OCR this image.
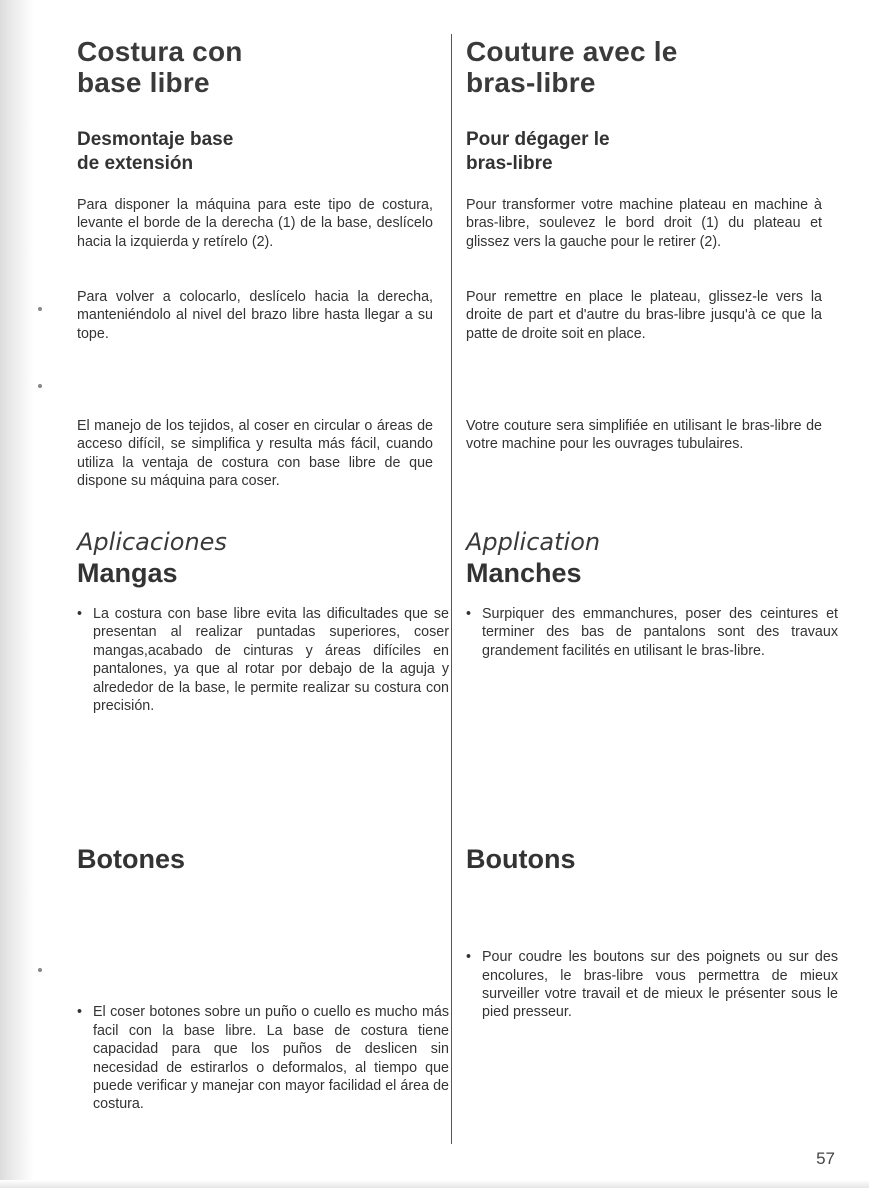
Costura con
base libre
Desmontaje base
de extensión

Para disponer la máquina para este tipo de costura, levante el borde de la derecha (1) de la base, deslícelo hacia la izquierda y retírelo (2).

Para volver a colocarlo, deslícelo hacia la derecha, manteniéndolo al nivel del brazo libre hasta llegar a su tope.

El manejo de los tejidos, al coser en circular o áreas de acceso difícil, se simplifica y resulta más fácil, cuando utiliza la ventaja de costura con base libre de que dispone su máquina para coser.

Aplicaciones
Mangas
• La costura con base libre evita las dificultades que se presentan al realizar puntadas superiores, coser mangas,acabado de cinturas y áreas difíciles en pantalones, ya que al rotar por debajo de la aguja y alrededor de la base, le permite realizar su costura con precisión.
Botones
• El coser botones sobre un puño o cuello es mucho más facil con la base libre. La base de costura tiene capacidad para que los puños de deslicen sin necesidad de estirarlos o deformalos, al tiempo que puede verificar y manejar con mayor facilidad el área de costura.
Couture avec le
bras-libre
Pour dégager le
bras-libre

Pour transformer votre machine plateau en machine à bras-libre, soulevez le bord droit (1) du plateau et glissez vers la gauche pour le retirer (2).

Pour remettre en place le plateau, glissez-le vers la droite de part et d'autre du bras-libre jusqu'à ce que la patte de droite soit en place.

Votre couture sera simplifiée en utilisant le bras-libre de votre machine pour les ouvrages tubulaires.

Application
Manches
• Surpiquer des emmanchures, poser des ceintures et terminer des bas de pantalons sont des travaux grandement facilités en utilisant le bras-libre.
Boutons
• Pour coudre les boutons sur des poignets ou sur des encolures, le bras-libre vous permettra de mieux surveiller votre travail et de mieux le présenter sous le pied presseur.
57
